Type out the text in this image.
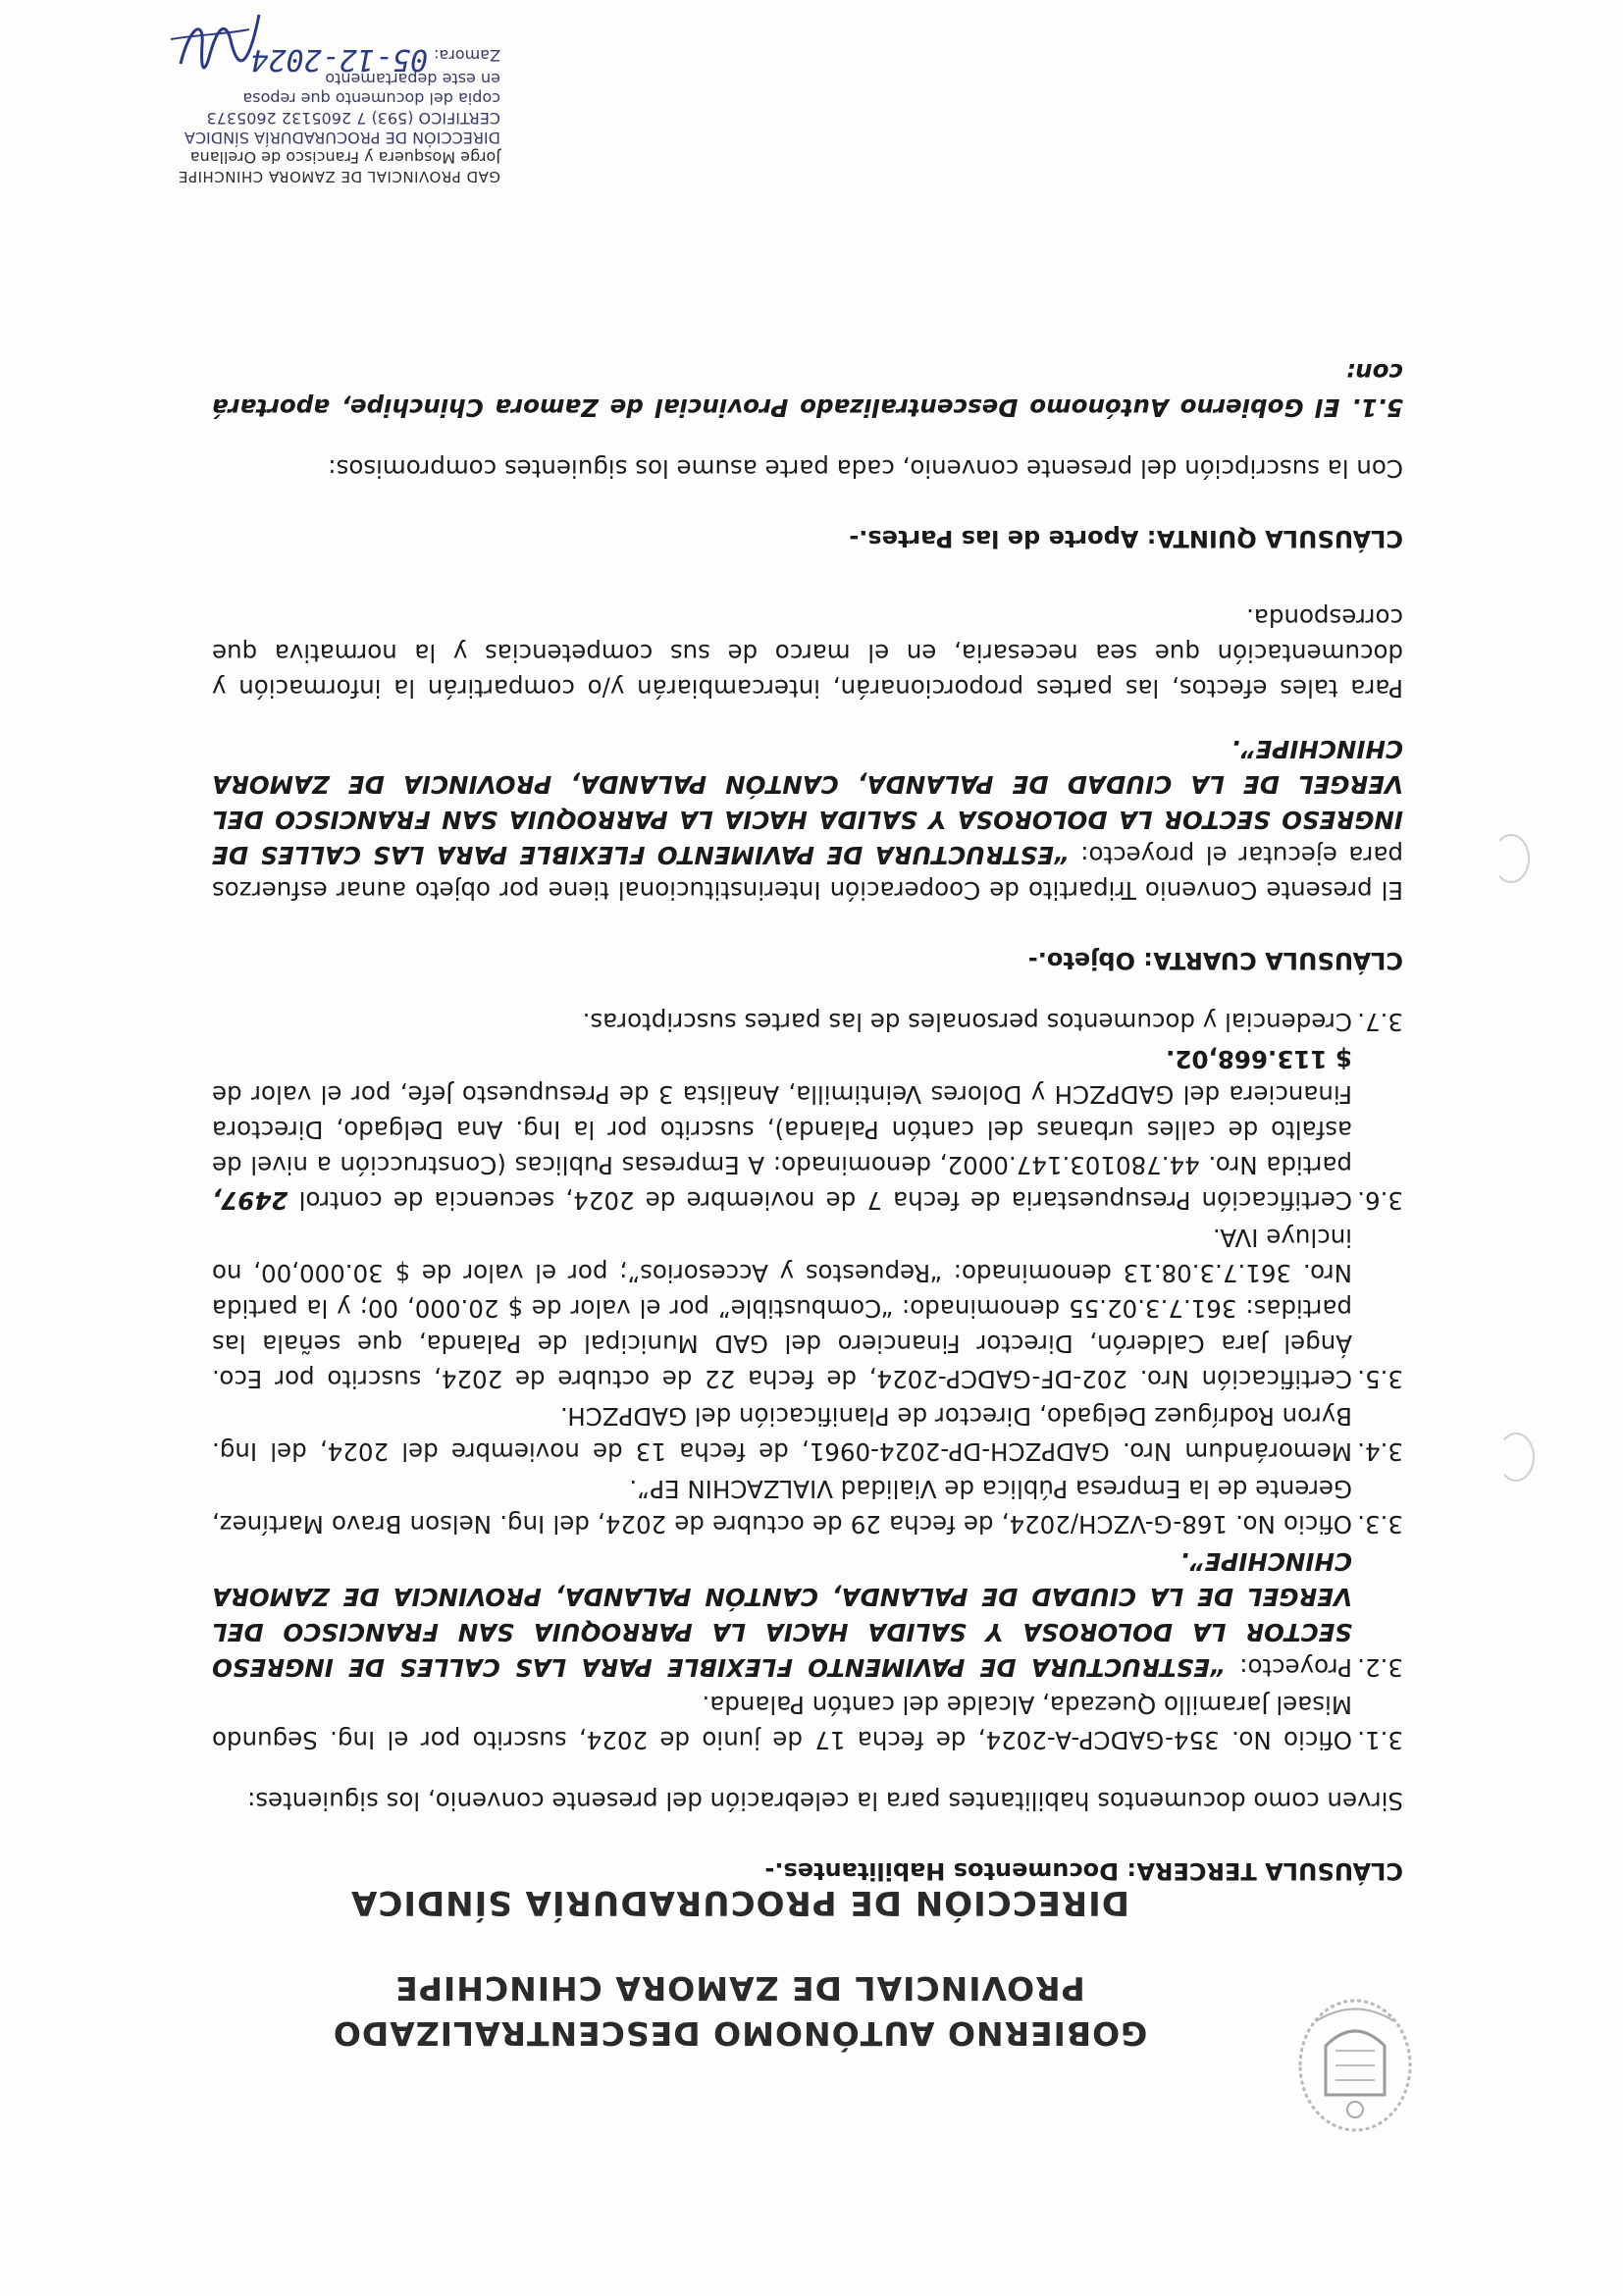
GOBIERNO AUTÓNOMO DESCENTRALIZADO
PROVINCIAL DE ZAMORA CHINCHIPE
DIRECCIÓN DE PROCURADURÍA SÍNDICA
CLÁUSULA TERCERA: Documentos Habilitantes.-
Sirven como documentos habilitantes para la celebración del presente convenio, los siguientes:
3.1.
Oficio No. 354-GADCP-A-2024, de fecha 17 de junio de 2024, suscrito por el Ing. Segundo Misael Jaramillo Quezada, Alcalde del cantón Palanda.
3.2.
Proyecto: “ESTRUCTURA DE PAVIMENTO FLEXIBLE PARA LAS CALLES DE INGRESO SECTOR LA DOLOROSA Y SALIDA HACIA LA PARROQUIA SAN FRANCISCO DEL VERGEL DE LA CIUDAD DE PALANDA, CANTÓN PALANDA, PROVINCIA DE ZAMORA CHINCHIPE”.
3.3.
Oficio No. 168-G-VZCH/2024, de fecha 29 de octubre de 2024, del Ing. Nelson Bravo Martínez, Gerente de la Empresa Pública de Vialidad VIALZACHIN EP”.
3.4.
Memorándum Nro. GADPZCH-DP-2024-0961, de fecha 13 de noviembre del 2024, del Ing. Byron Rodríguez Delgado, Director de Planificación del GADPZCH.
3.5.
Certificación Nro. 202-DF-GADCP-2024, de fecha 22 de octubre de 2024, suscrito por Eco. Ángel Jara Calderón, Director Financiero del GAD Municipal de Palanda, que señala las partidas: 361.7.3.02.55 denominado: “Combustible” por el valor de $ 20.000, 00; y la partida Nro. 361.7.3.08.13 denominado: “Repuestos y Accesorios”; por el valor de $ 30.000,00, no incluye IVA.
3.6.
Certificación Presupuestaria de fecha 7 de noviembre de 2024, secuencia de control 2497, partida Nro. 44.780103.147.0002, denominado: A Empresas Publicas (Construcción a nivel de asfalto de calles urbanas del cantón Palanda), suscrito por la Ing. Ana Delgado, Directora Financiera del GADPZCH y Dolores Veintimilla, Analista 3 de Presupuesto Jefe, por el valor de $ 113.668,02.
3.7.
Credencial y documentos personales de las partes suscriptoras.
CLÁUSULA CUARTA: Objeto.-
El presente Convenio Tripartito de Cooperación Interinstitucional tiene por objeto aunar esfuerzos para ejecutar el proyecto: “ESTRUCTURA DE PAVIMENTO FLEXIBLE PARA LAS CALLES DE INGRESO SECTOR LA DOLOROSA Y SALIDA HACIA LA PARROQUIA SAN FRANCISCO DEL VERGEL DE LA CIUDAD DE PALANDA, CANTÓN PALANDA, PROVINCIA DE ZAMORA CHINCHIPE”.
Para tales efectos, las partes proporcionarán, intercambiarán y/o compartirán la información y documentación que sea necesaria, en el marco de sus competencias y la normativa que corresponda.
CLÁUSULA QUINTA: Aporte de las Partes.-
Con la suscripción del presente convenio, cada parte asume los siguientes compromisos:
5.1. El Gobierno Autónomo Descentralizado Provincial de Zamora Chinchipe, aportará con:
GAD PROVINCIAL DE ZAMORA CHINCHIPE
Jorge Mosquera y Francisco de Orellana
DIRECCIÓN DE PROCURADURÍA SÍNDICA
CERTIFICO (593) 7 2605132 2605373
copia del documento que reposa
en este departamento
Zamora:05-12-2024
